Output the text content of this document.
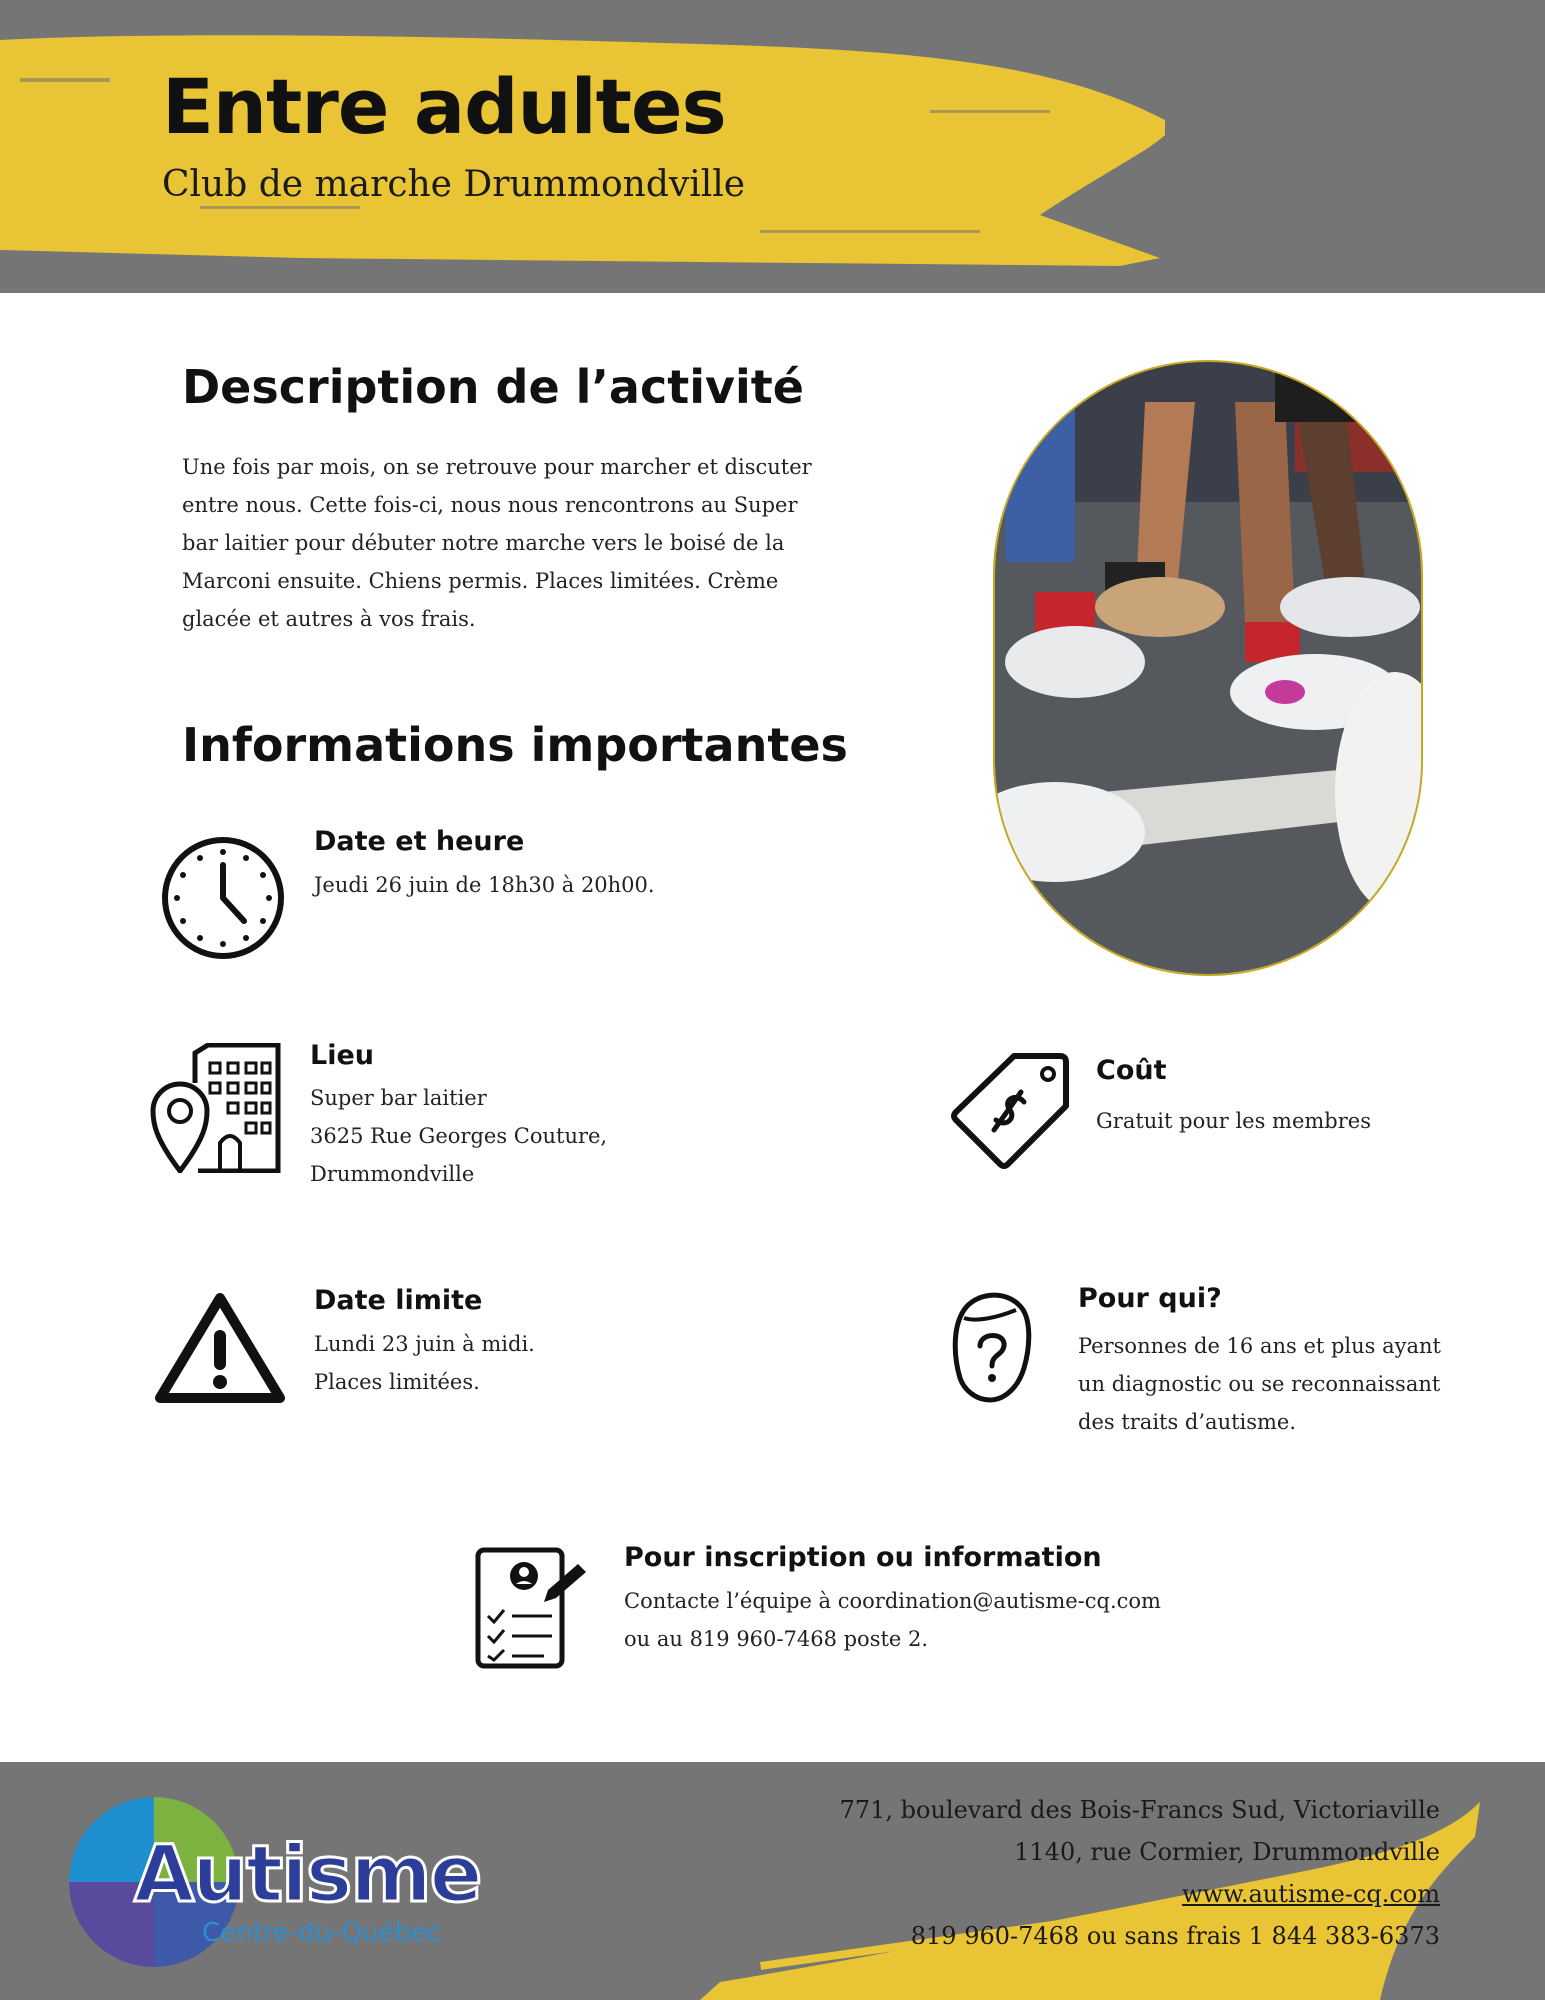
Entre adultes
Club de marche Drummondville
Description de l’activité
Une fois par mois, on se retrouve pour marcher et discuter
entre nous. Cette fois-ci, nous nous rencontrons au Super
bar laitier pour débuter notre marche vers le boisé de la
Marconi ensuite. Chiens permis. Places limitées. Crème
glacée et autres à vos frais.
Informations importantes
Date et heure
Jeudi 26 juin de 18h30 à 20h00.
Lieu
Super bar laitier
3625 Rue Georges Couture,
Drummondville
Coût
Gratuit pour les membres
Date limite
Lundi 23 juin à midi.
Places limitées.
Pour qui?
Personnes de 16 ans et plus ayant
un diagnostic ou se reconnaissant
des traits d’autisme.
Pour inscription ou information
Contacte l’équipe à coordination@autisme-cq.com
ou au 819 960-7468 poste 2.
Autisme
Centre-du-Québec
771, boulevard des Bois-Francs Sud, Victoriaville
1140, rue Cormier, Drummondville
www.autisme-cq.com
819 960-7468 ou sans frais 1 844 383-6373
